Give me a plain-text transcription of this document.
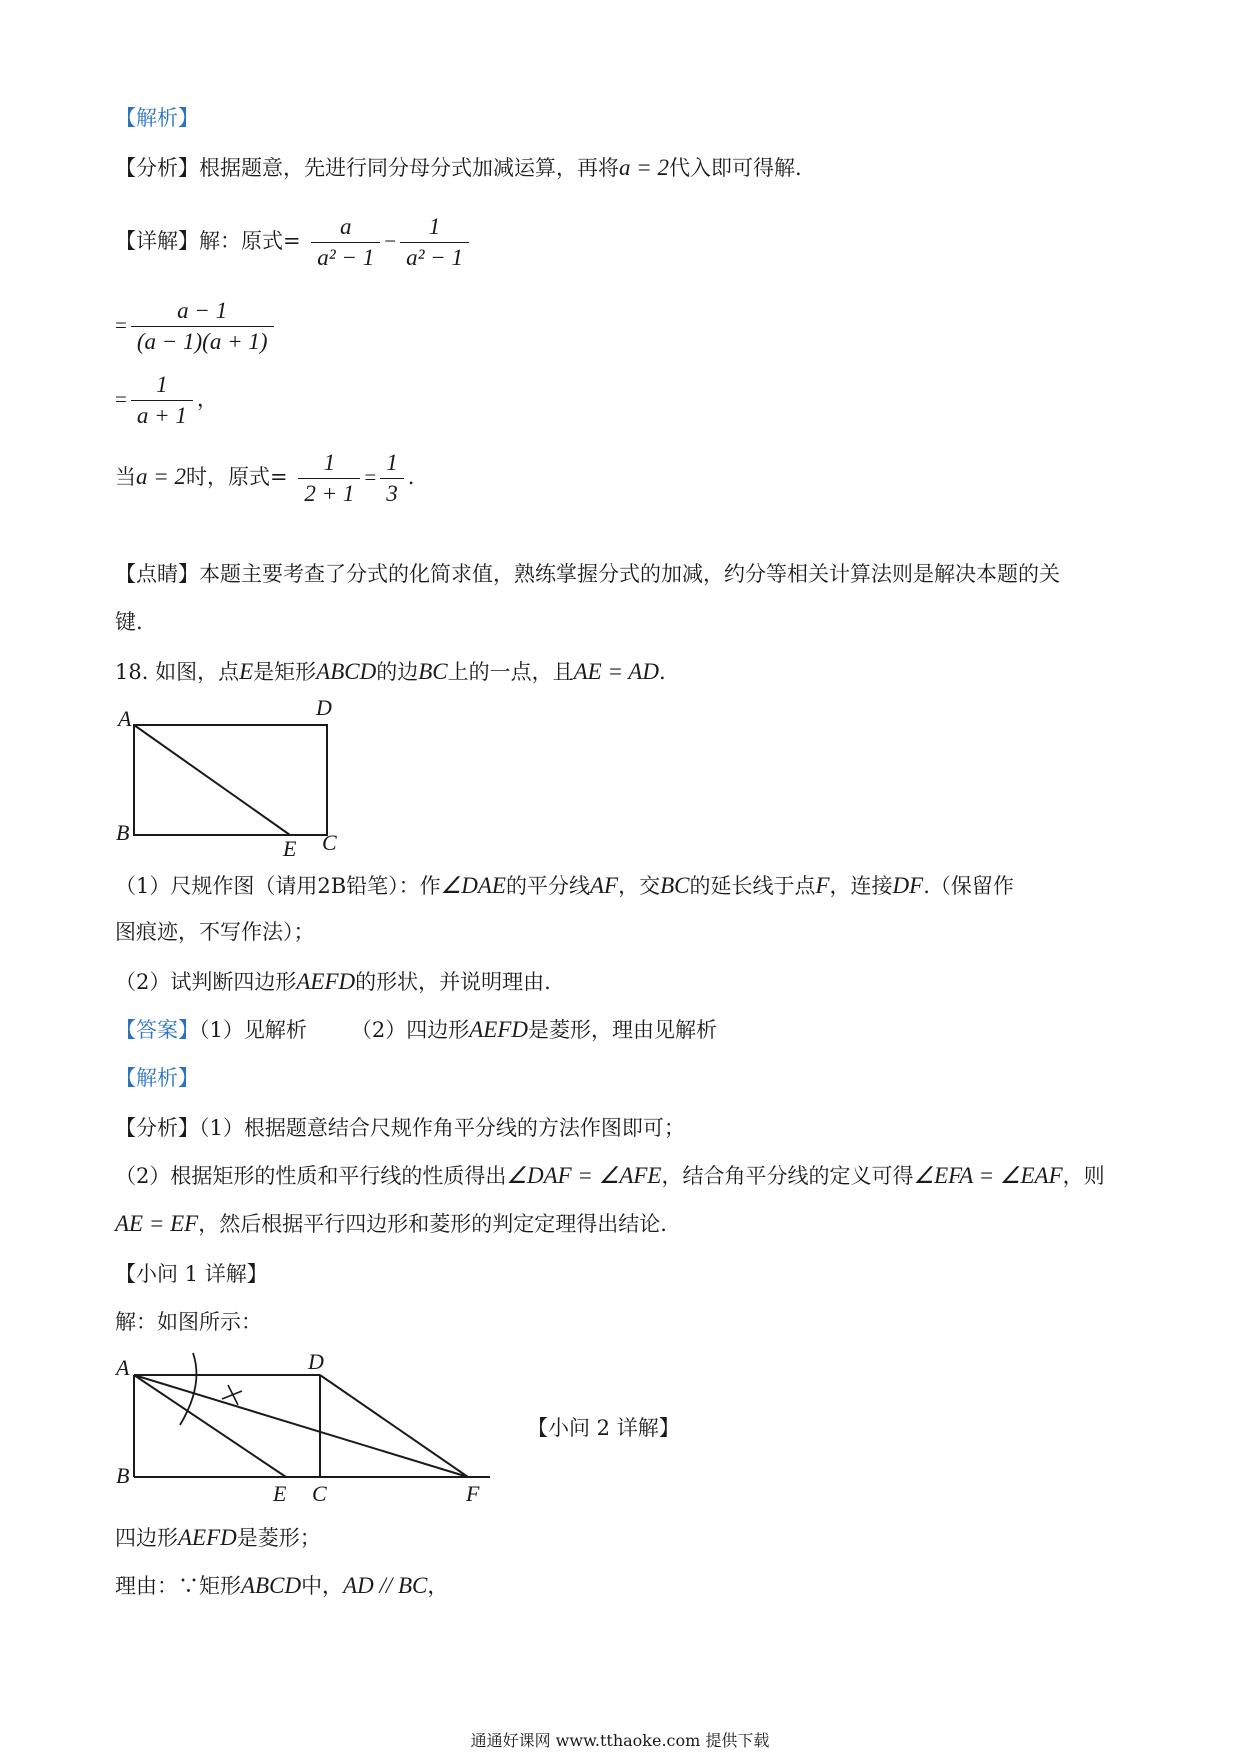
【解析】
【分析】根据题意，先进行同分母分式加减运算，再将a = 2代入即可得解.
【详解】解：原式= $\frac{a}{\text{a² − 1}} - \frac{1}{\text{a² − 1}}$
= $\frac{a - 1}{(a - 1)(a + 1)}$
= $\frac{1}{a + 1}$ ，
当a = 2时，原式= $\frac{1}{2 + 1} = \frac{1}{3}$ .
【点睛】本题主要考查了分式的化简求值，熟练掌握分式的加减，约分等相关计算法则是解决本题的关
键.
18. 如图，点E是矩形ABCD的边BC上的一点，且AE = AD.
A	D
B
E C
（1）尺规作图（请用2B铅笔）：作∠DAE的平分线AF，交BC的延长线于点F，连接DF.（保留作
图痕迹，不写作法）；
（2）试判断四边形AEFD的形状，并说明理由.
【答案】（1）见解析 （2）四边形AEFD是菱形，理由见解析
【解析】
【分析】（1）根据题意结合尺规作角平分线的方法作图即可；
（2）根据矩形的性质和平行线的性质得出∠DAF = ∠AFE，结合角平分线的定义可得∠EFA = ∠EAF，则
AE = EF，然后根据平行四边形和菱形的判定定理得出结论.
【小问 1 详解】
解：如图所示：
A	D
B
E C	F
【小问 2 详解】
四边形AEFD是菱形；
理由：∵矩形ABCD中，AD // BC，
通通好课网 www.tthaoke.com 提供下载
